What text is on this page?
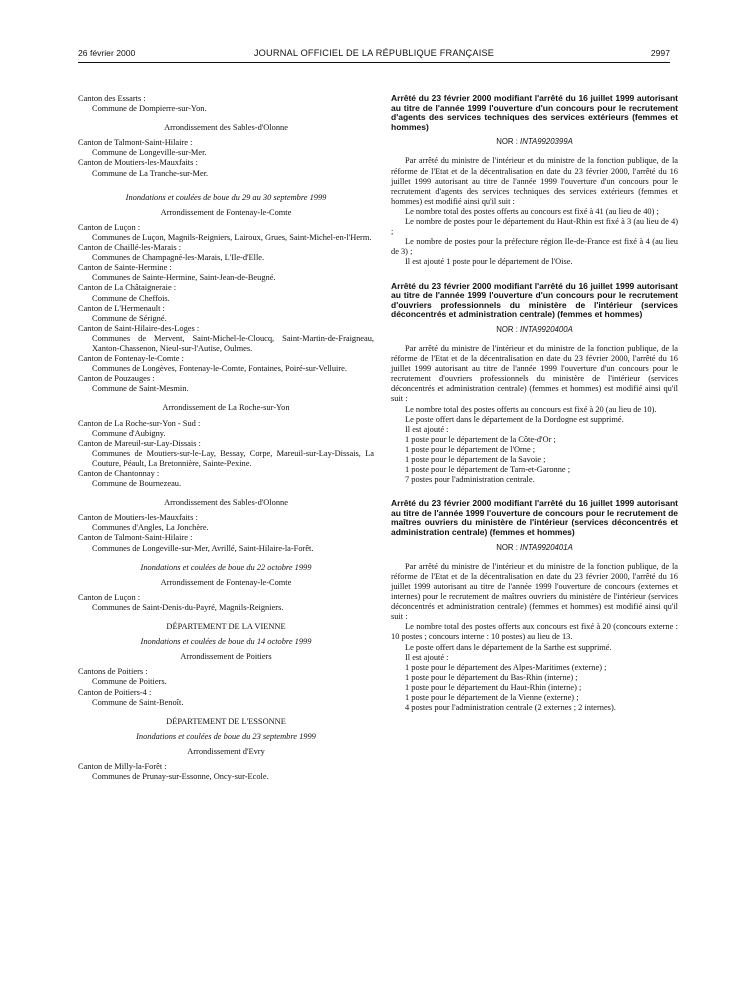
26 février 2000	JOURNAL OFFICIEL DE LA RÉPUBLIQUE FRANÇAISE	2997
Canton des Essarts :
Commune de Dompierre-sur-Yon.
Arrondissement des Sables-d'Olonne
Canton de Talmont-Saint-Hilaire :
Commune de Longeville-sur-Mer.
Canton de Moutiers-les-Mauxfaits :
Commune de La Tranche-sur-Mer.
Inondations et coulées de boue du 29 au 30 septembre 1999
Arrondissement de Fontenay-le-Comte
Canton de Luçon :
Communes de Luçon, Magnils-Reigniers, Lairoux, Grues, Saint-Michel-en-l'Herm.
Canton de Chaillé-les-Marais :
Communes de Champagné-les-Marais, L'Ile-d'Elle.
Canton de Sainte-Hermine :
Communes de Sainte-Hermine, Saint-Jean-de-Beugné.
Canton de La Châtaigneraie :
Commune de Cheffois.
Canton de L'Hermenault :
Commune de Sérigné.
Canton de Saint-Hilaire-des-Loges :
Communes de Mervent, Saint-Michel-le-Cloucq, Saint-Martin-de-Fraigneau, Xanton-Chassenon, Nieul-sur-l'Autise, Oulmes.
Canton de Fontenay-le-Comte :
Communes de Longèves, Fontenay-le-Comte, Fontaines, Poiré-sur-Velluire.
Canton de Pouzauges :
Commune de Saint-Mesmin.
Arrondissement de La Roche-sur-Yon
Canton de La Roche-sur-Yon - Sud :
Commune d'Aubigny.
Canton de Mareuil-sur-Lay-Dissais :
Communes de Moutiers-sur-le-Lay, Bessay, Corpe, Mareuil-sur-Lay-Dissais, La Couture, Péault, La Bretonnière, Sainte-Pexine.
Canton de Chantonnay :
Commune de Bournezeau.
Arrondissement des Sables-d'Olonne
Canton de Moutiers-les-Mauxfaits :
Communes d'Angles, La Jonchère.
Canton de Talmont-Saint-Hilaire :
Communes de Longeville-sur-Mer, Avrillé, Saint-Hilaire-la-Forêt.
Inondations et coulées de boue du 22 octobre 1999
Arrondissement de Fontenay-le-Comte
Canton de Luçon :
Communes de Saint-Denis-du-Payré, Magnils-Reigniers.
DÉPARTEMENT DE LA VIENNE
Inondations et coulées de boue du 14 octobre 1999
Arrondissement de Poitiers
Cantons de Poitiers :
Commune de Poitiers.
Canton de Poitiers-4 :
Commune de Saint-Benoît.
DÉPARTEMENT DE L'ESSONNE
Inondations et coulées de boue du 23 septembre 1999
Arrondissement d'Evry
Canton de Milly-la-Forêt :
Communes de Prunay-sur-Essonne, Oncy-sur-Ecole.
Arrêté du 23 février 2000 modifiant l'arrêté du 16 juillet 1999 autorisant au titre de l'année 1999 l'ouverture d'un concours pour le recrutement d'agents des services techniques des services extérieurs (femmes et hommes)
NOR : INTA9920399A
Par arrêté du ministre de l'intérieur et du ministre de la fonction publique, de la réforme de l'Etat et de la décentralisation en date du 23 février 2000, l'arrêté du 16 juillet 1999 autorisant au titre de l'année 1999 l'ouverture d'un concours pour le recrutement d'agents des services techniques des services extérieurs (femmes et hommes) est modifié ainsi qu'il suit :
Le nombre total des postes offerts au concours est fixé à 41 (au lieu de 40) ;
Le nombre de postes pour le département du Haut-Rhin est fixé à 3 (au lieu de 4) ;
Le nombre de postes pour la préfecture région Ile-de-France est fixé à 4 (au lieu de 3) ;
Il est ajouté 1 poste pour le département de l'Oise.
Arrêté du 23 février 2000 modifiant l'arrêté du 16 juillet 1999 autorisant au titre de l'année 1999 l'ouverture d'un concours pour le recrutement d'ouvriers professionnels du ministère de l'intérieur (services déconcentrés et administration centrale) (femmes et hommes)
NOR : INTA9920400A
Par arrêté du ministre de l'intérieur et du ministre de la fonction publique, de la réforme de l'Etat et de la décentralisation en date du 23 février 2000, l'arrêté du 16 juillet 1999 autorisant au titre de l'année 1999 l'ouverture d'un concours pour le recrutement d'ouvriers professionnels du ministère de l'intérieur (services déconcentrés et administration centrale) (femmes et hommes) est modifié ainsi qu'il suit :
Le nombre total des postes offerts au concours est fixé à 20 (au lieu de 10).
Le poste offert dans le département de la Dordogne est supprimé.
Il est ajouté :
1 poste pour le département de la Côte-d'Or ;
1 poste pour le département de l'Orne ;
1 poste pour le département de la Savoie ;
1 poste pour le département de Tarn-et-Garonne ;
7 postes pour l'administration centrale.
Arrêté du 23 février 2000 modifiant l'arrêté du 16 juillet 1999 autorisant au titre de l'année 1999 l'ouverture de concours pour le recrutement de maîtres ouvriers du ministère de l'intérieur (services déconcentrés et administration centrale) (femmes et hommes)
NOR : INTA9920401A
Par arrêté du ministre de l'intérieur et du ministre de la fonction publique, de la réforme de l'Etat et de la décentralisation en date du 23 février 2000, l'arrêté du 16 juillet 1999 autorisant au titre de l'année 1999 l'ouverture de concours (externes et internes) pour le recrutement de maîtres ouvriers du ministère de l'intérieur (services déconcentrés et administration centrale) (femmes et hommes) est modifié ainsi qu'il suit :
Le nombre total des postes offerts aux concours est fixé à 20 (concours externe : 10 postes ; concours interne : 10 postes) au lieu de 13.
Le poste offert dans le département de la Sarthe est supprimé.
Il est ajouté :
1 poste pour le département des Alpes-Maritimes (externe) ;
1 poste pour le département du Bas-Rhin (interne) ;
1 poste pour le département du Haut-Rhin (interne) ;
1 poste pour le département de la Vienne (externe) ;
4 postes pour l'administration centrale (2 externes ; 2 internes).
